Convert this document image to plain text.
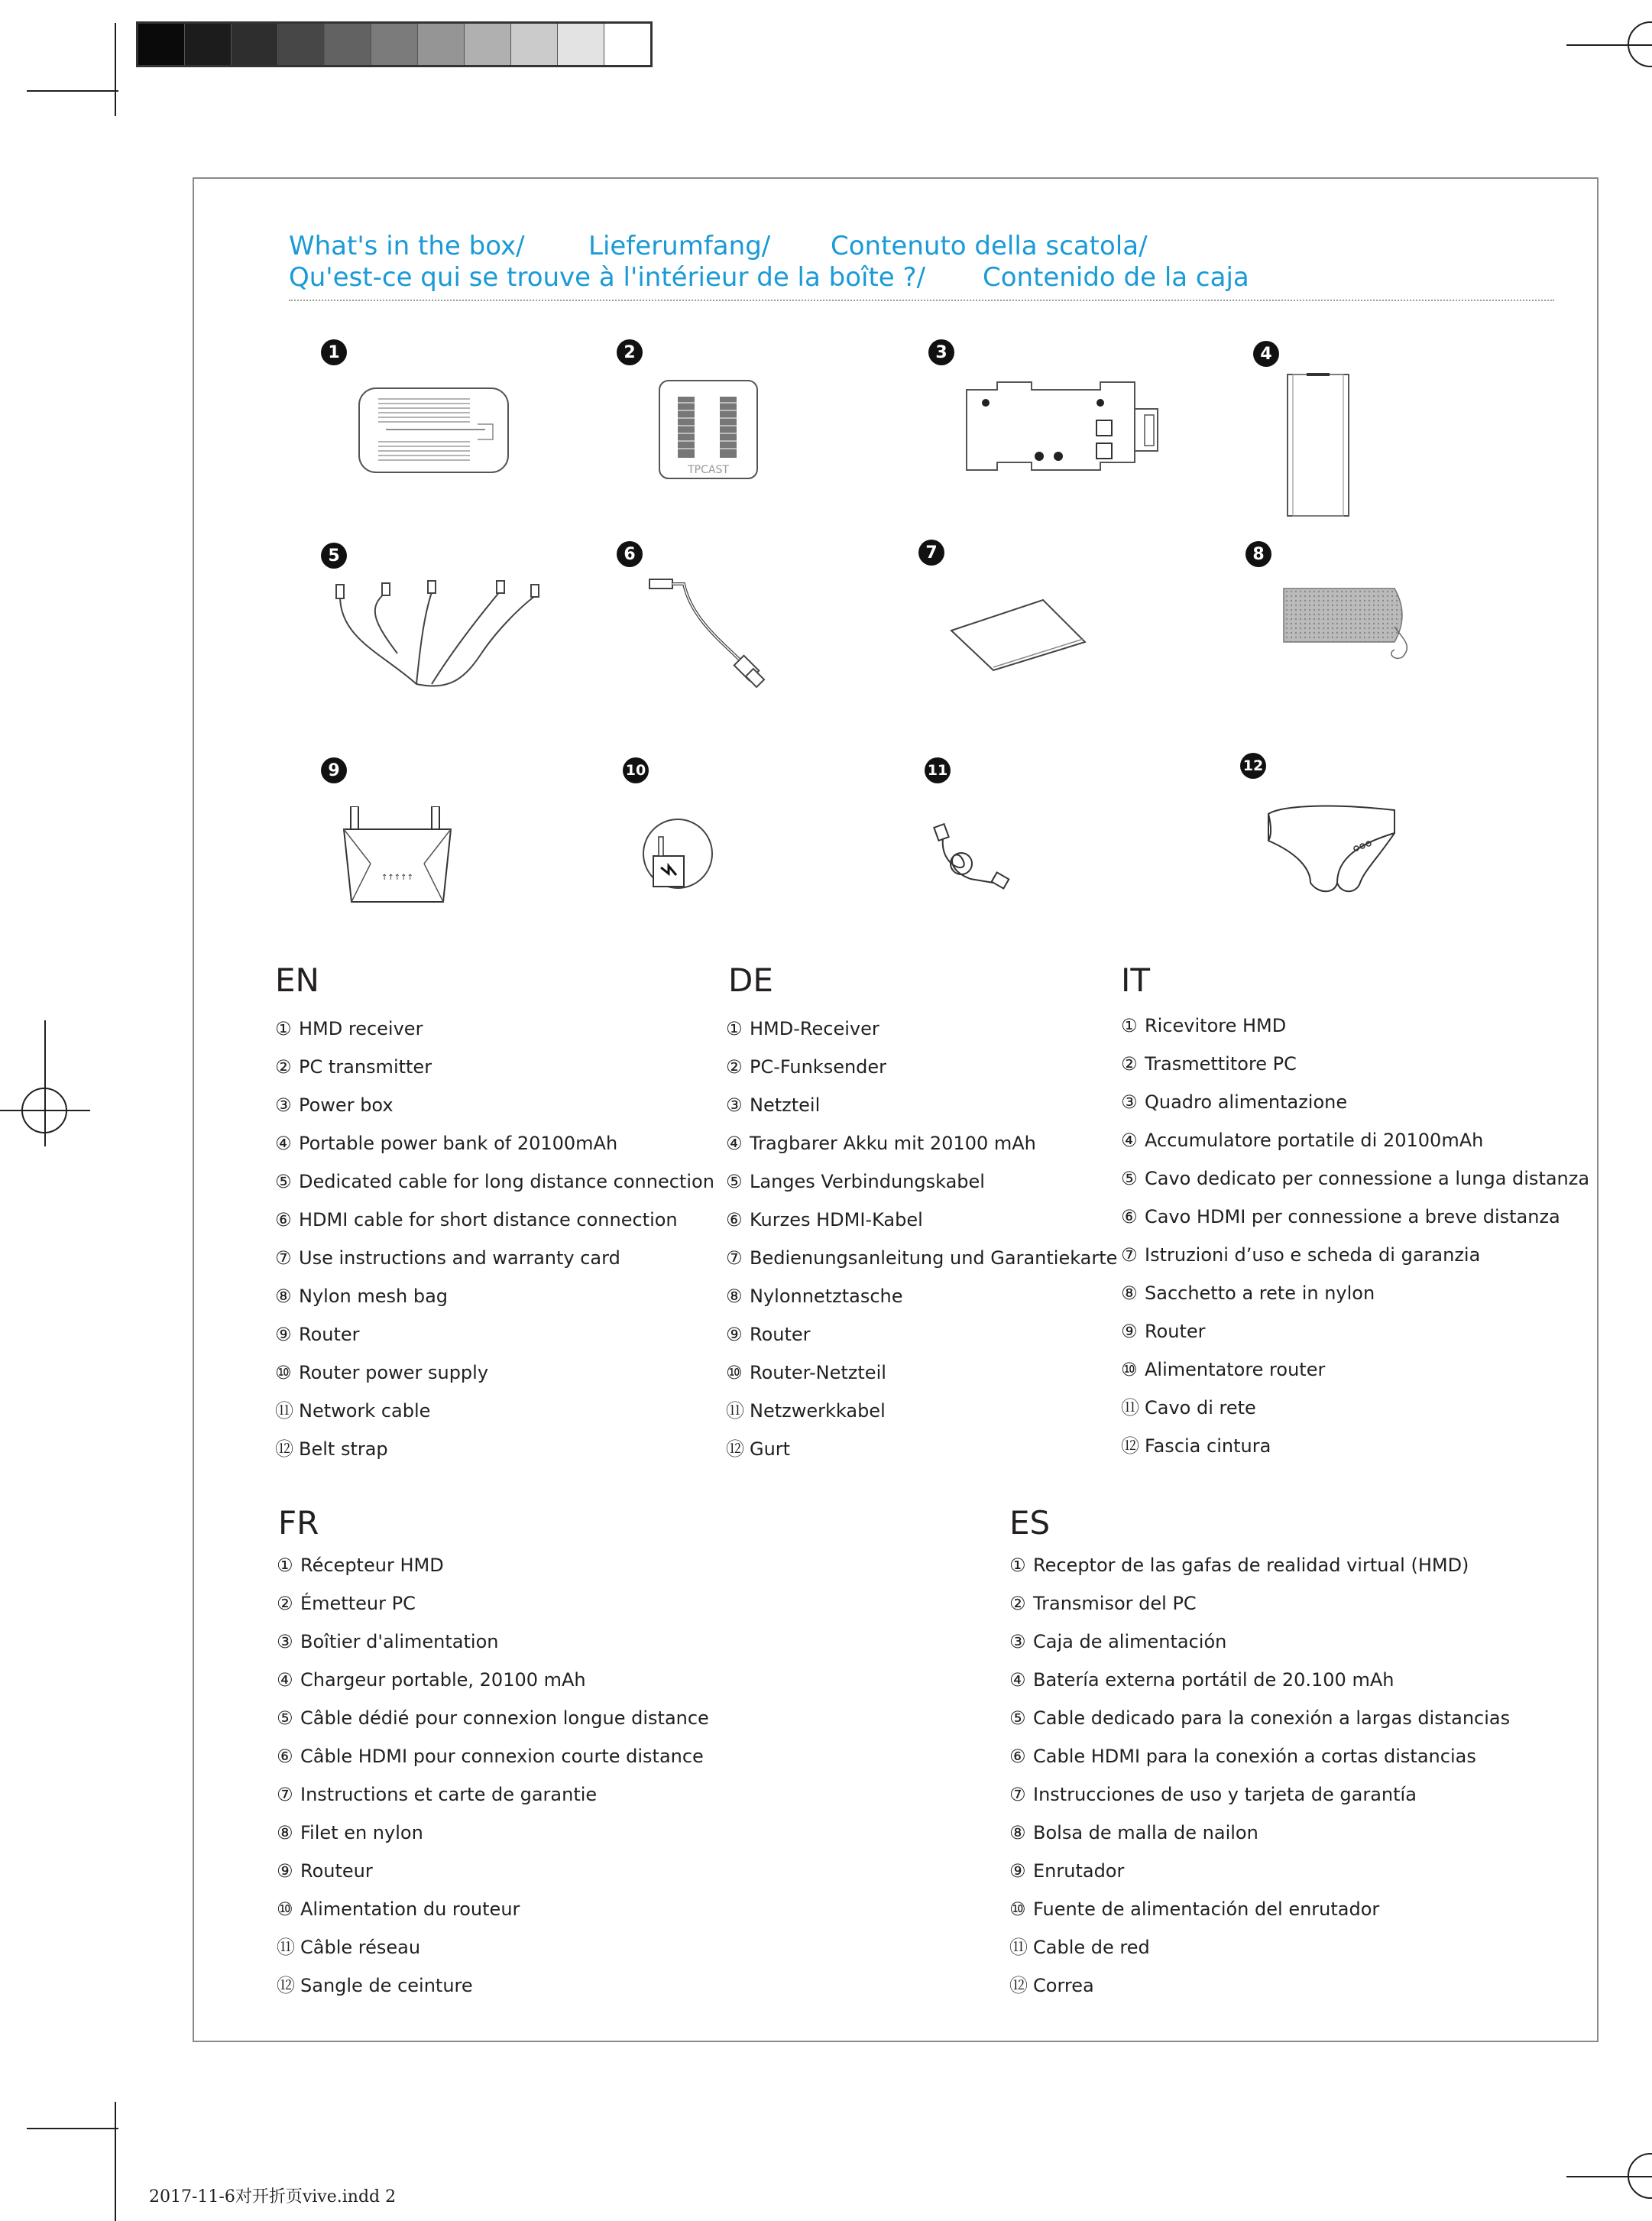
What's in the box/ Lieferumfang/ Contenuto della scatola/
Qu'est-ce qui se trouve à l'intérieur de la boîte ?/ Contenido de la caja
1	2	3	4
5	6	7	8
9	10	11	12
TPCAST
↑↑↑↑↑
EN	DE	IT
FR	ES
① HMD receiver
② PC transmitter
③ Power box
④ Portable power bank of 20100mAh
⑤ Dedicated cable for long distance connection
⑥ HDMI cable for short distance connection
⑦ Use instructions and warranty card
⑧ Nylon mesh bag
⑨ Router
⑩ Router power supply
⑪ Network cable
⑫ Belt strap
① HMD-Receiver
② PC-Funksender
③ Netzteil
④ Tragbarer Akku mit 20100 mAh
⑤ Langes Verbindungskabel
⑥ Kurzes HDMI-Kabel
⑦ Bedienungsanleitung und Garantiekarte
⑧ Nylonnetztasche
⑨ Router
⑩ Router-Netzteil
⑪ Netzwerkkabel
⑫ Gurt
① Ricevitore HMD
② Trasmettitore PC
③ Quadro alimentazione
④ Accumulatore portatile di 20100mAh
⑤ Cavo dedicato per connessione a lunga distanza
⑥ Cavo HDMI per connessione a breve distanza
⑦ Istruzioni d’uso e scheda di garanzia
⑧ Sacchetto a rete in nylon
⑨ Router
⑩ Alimentatore router
⑪ Cavo di rete
⑫ Fascia cintura
① Récepteur HMD
② Émetteur PC
③ Boîtier d'alimentation
④ Chargeur portable, 20100 mAh
⑤ Câble dédié pour connexion longue distance
⑥ Câble HDMI pour connexion courte distance
⑦ Instructions et carte de garantie
⑧ Filet en nylon
⑨ Routeur
⑩ Alimentation du routeur
⑪ Câble réseau
⑫ Sangle de ceinture
① Receptor de las gafas de realidad virtual (HMD)
② Transmisor del PC
③ Caja de alimentación
④ Batería externa portátil de 20.100 mAh
⑤ Cable dedicado para la conexión a largas distancias
⑥ Cable HDMI para la conexión a cortas distancias
⑦ Instrucciones de uso y tarjeta de garantía
⑧ Bolsa de malla de nailon
⑨ Enrutador
⑩ Fuente de alimentación del enrutador
⑪ Cable de red
⑫ Correa
2017-11-6对开折页vive.indd 2
